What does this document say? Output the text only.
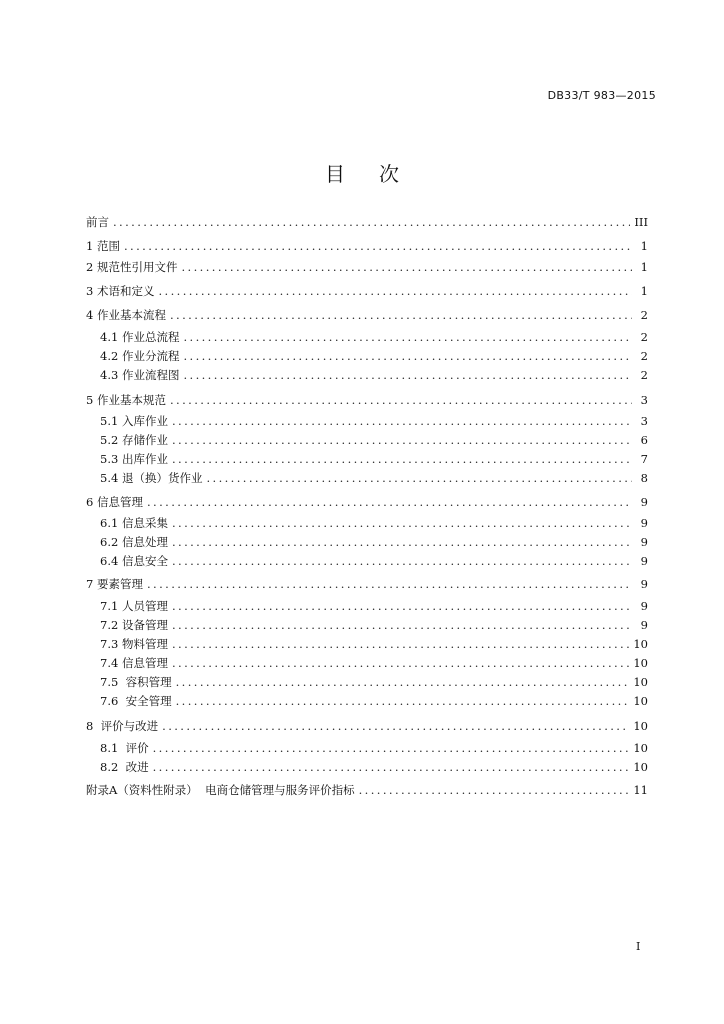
DB33/T 983—2015
目次
前言 .....	III
1 范围 .....	1
2 规范性引用文件 .....	1
3 术语和定义 .....	1
4 作业基本流程 .....	2
4.1 作业总流程 .....	2
4.2 作业分流程 .....	2
4.3 作业流程图 .....	2
5 作业基本规范 .....	3
5.1 入库作业 .....	3
5.2 存储作业 .....	6
5.3 出库作业 .....	7
5.4 退（换）货作业 .....	8
6 信息管理 .....	9
6.1 信息采集 .....	9
6.2 信息处理 .....	9
6.4 信息安全 .....	9
7 要素管理 .....	9
7.1 人员管理 .....	9
7.2 设备管理 .....	9
7.3 物料管理 .....	10
7.4 信息管理 .....	10
7.5  容积管理 .....	10
7.6  安全管理 .....	10
8  评价与改进 .....	10
8.1  评价 .....	10
8.2  改进 .....	10
附录A（资料性附录）  电商仓储管理与服务评价指标 .....	11
I
